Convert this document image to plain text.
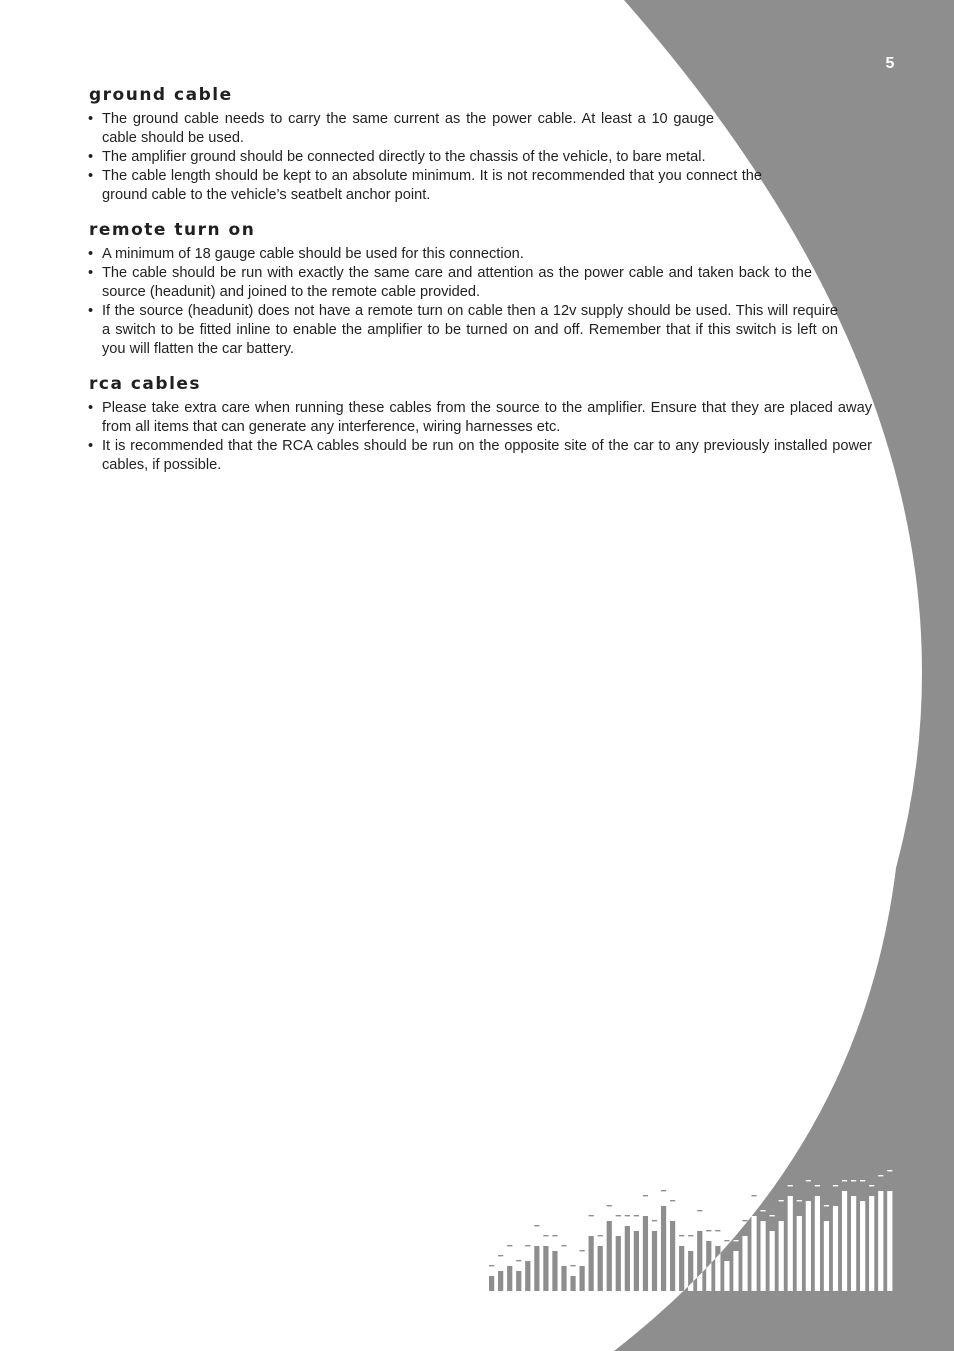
5
ground cable
• The ground cable needs to carry the same current as the power cable. At least a 10 gauge cable should be used.
• The amplifier ground should be connected directly to the chassis of the vehicle, to bare metal.
• The cable length should be kept to an absolute minimum. It is not recommended that you connect the ground cable to the vehicle’s seatbelt anchor point.
remote turn on
• A minimum of 18 gauge cable should be used for this connection.
• The cable should be run with exactly the same care and attention as the power cable and taken back to the source (headunit) and joined to the remote cable provided.
• If the source (headunit) does not have a remote turn on cable then a 12v supply should be used. This will require a switch to be fitted inline to enable the amplifier to be turned on and off. Remember that if this switch is left on you will flatten the car battery.
rca cables
• Please take extra care when running these cables from the source to the amplifier. Ensure that they are placed away from all items that can generate any interference, wiring harnesses etc.
• It is recommended that the RCA cables should be run on the opposite site of the car to any previously installed power cables, if possible.
